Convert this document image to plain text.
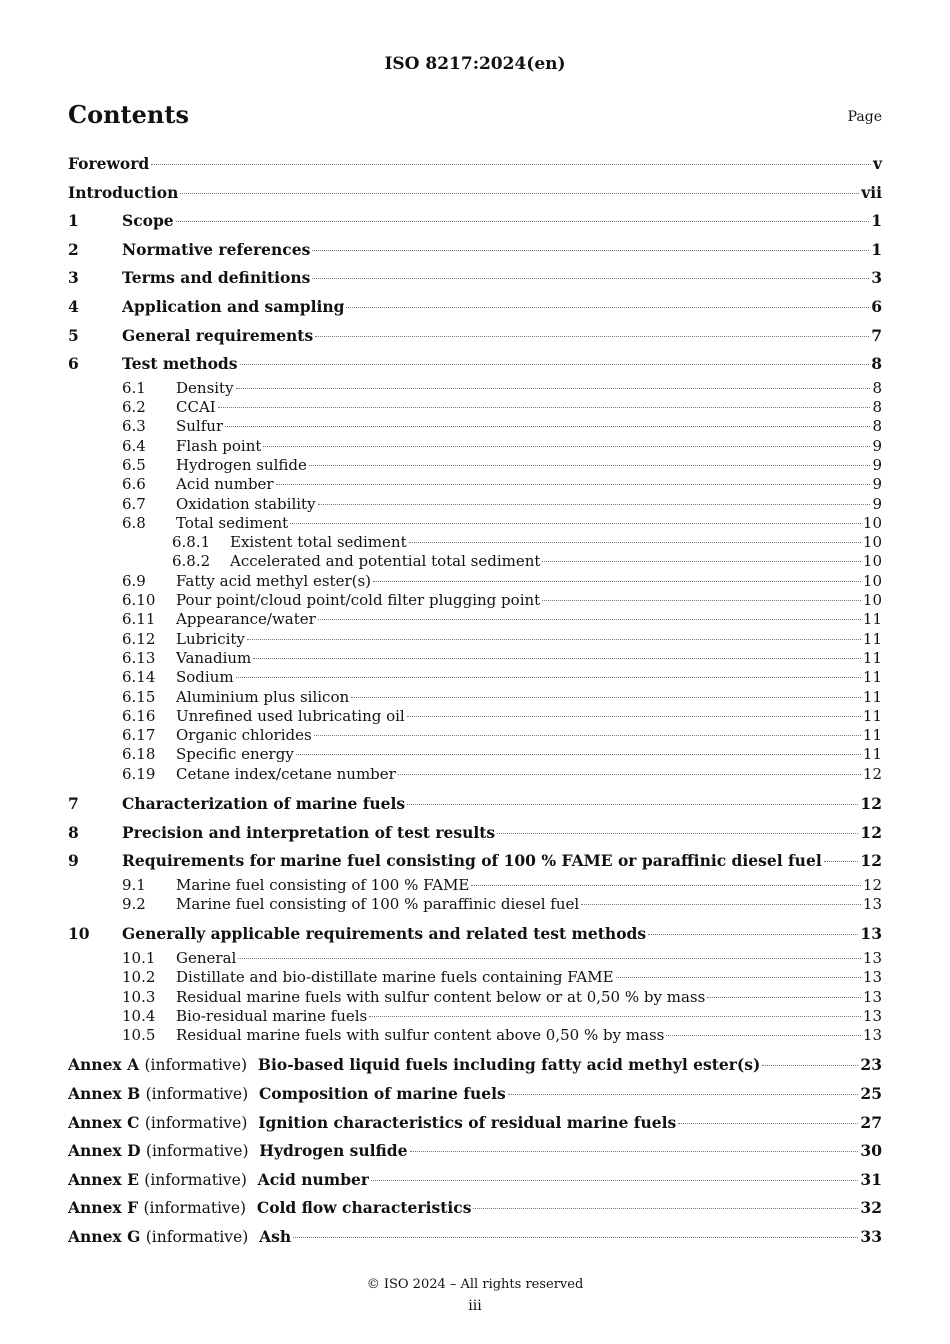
ISO 8217:2024(en)
Contents	Page
Foreword	v
Introduction	vii
1	Scope	1
2	Normative references	1
3	Terms and definitions	3
4	Application and sampling	6
5	General requirements	7
6	Test methods	8
6.1	Density	8
6.2	CCAI	8
6.3	Sulfur	8
6.4	Flash point	9
6.5	Hydrogen sulfide	9
6.6	Acid number	9
6.7	Oxidation stability	9
6.8	Total sediment	10
6.8.1	Existent total sediment	10
6.8.2	Accelerated and potential total sediment	10
6.9	Fatty acid methyl ester(s)	10
6.10	Pour point/cloud point/cold filter plugging point	10
6.11	Appearance/water	11
6.12	Lubricity	11
6.13	Vanadium	11
6.14	Sodium	11
6.15	Aluminium plus silicon	11
6.16	Unrefined used lubricating oil	11
6.17	Organic chlorides	11
6.18	Specific energy	11
6.19	Cetane index/cetane number	12
7	Characterization of marine fuels	12
8	Precision and interpretation of test results	12
9	Requirements for marine fuel consisting of 100 % FAME or paraffinic diesel fuel 12
9.1	Marine fuel consisting of 100 % FAME	12
9.2	Marine fuel consisting of 100 % paraffinic diesel fuel	13
10	Generally applicable requirements and related test methods	13
10.1	General	13
10.2	Distillate and bio-distillate marine fuels containing FAME	13
10.3	Residual marine fuels with sulfur content below or at 0,50 % by mass	13
10.4	Bio-residual marine fuels	13
10.5	Residual marine fuels with sulfur content above 0,50 % by mass	13
Annex A (informative) Bio-based liquid fuels including fatty acid methyl ester(s)	23
Annex B (informative) Composition of marine fuels	25
Annex C (informative) Ignition characteristics of residual marine fuels	27
Annex D (informative) Hydrogen sulfide	30
Annex E (informative) Acid number	31
Annex F (informative) Cold flow characteristics	32
Annex G (informative) Ash	33
© ISO 2024 – All rights reserved
iii
